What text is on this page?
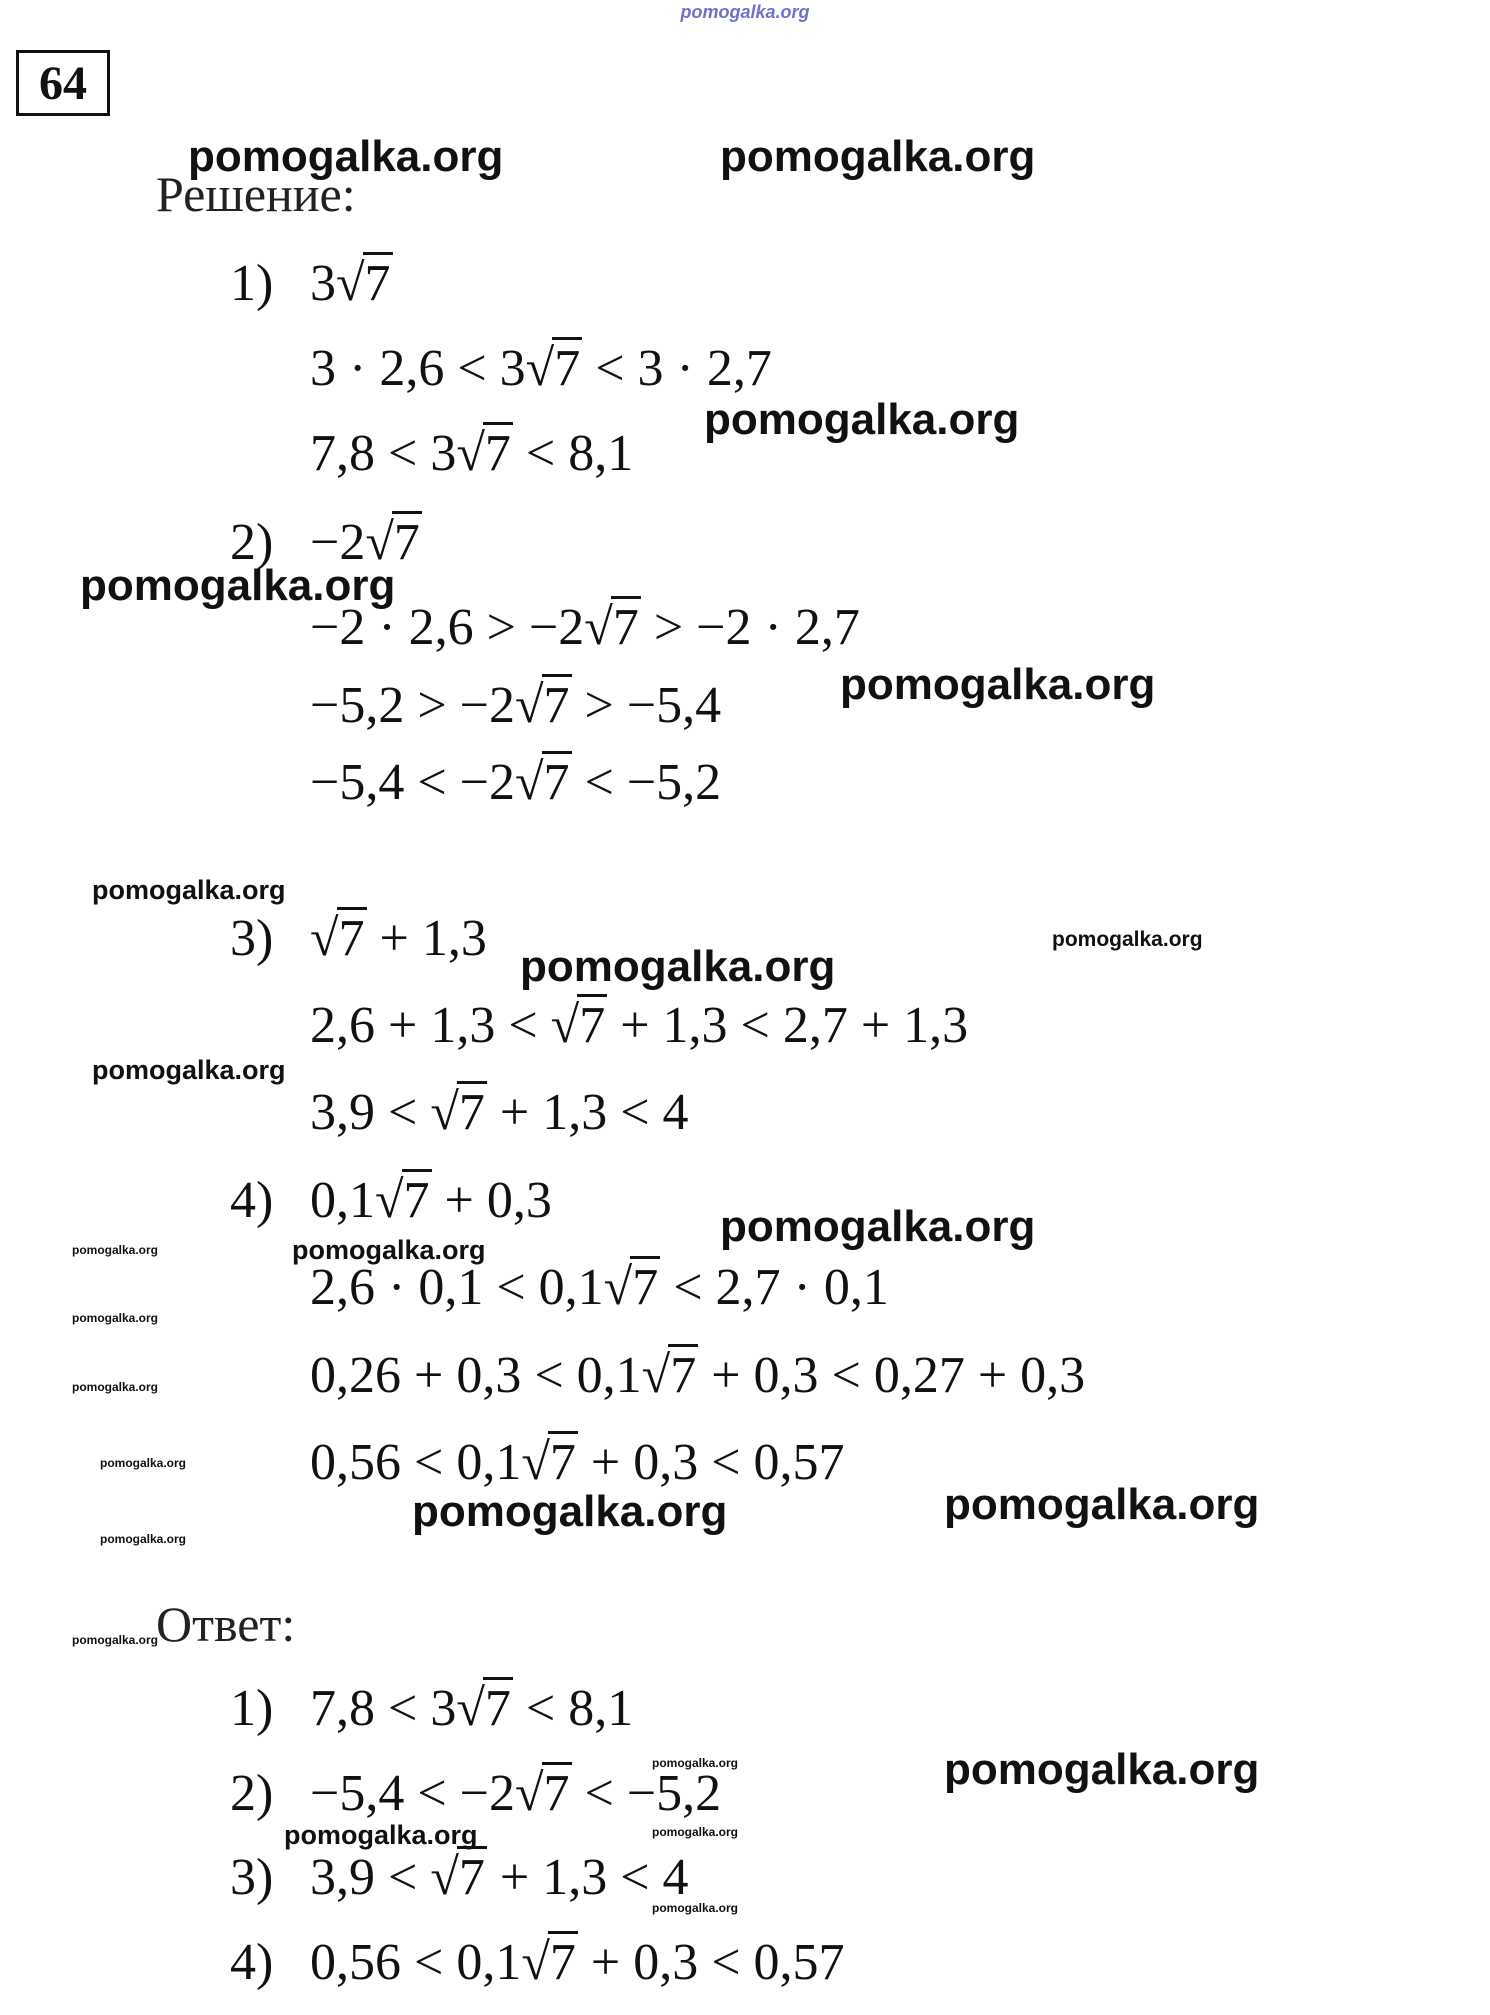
pomogalka.org
64
Решение:
1) 3√7
3 · 2,6 < 3√7 < 3 · 2,7
7,8 < 3√7 < 8,1
2) −2√7
−2 · 2,6 > −2√7 > −2 · 2,7
−5,2 > −2√7 > −5,4
−5,4 < −2√7 < −5,2
3) √7 + 1,3
2,6 + 1,3 < √7 + 1,3 < 2,7 + 1,3
3,9 < √7 + 1,3 < 4
4) 0,1√7 + 0,3
2,6 · 0,1 < 0,1√7 < 2,7 · 0,1
0,26 + 0,3 < 0,1√7 + 0,3 < 0,27 + 0,3
0,56 < 0,1√7 + 0,3 < 0,57
Ответ:
1) 7,8 < 3√7 < 8,1
2) −5,4 < −2√7 < −5,2
3) 3,9 < √7 + 1,3 < 4
4) 0,56 < 0,1√7 + 0,3 < 0,57
pomogalka.org	pomogalka.org
pomogalka.org
pomogalka.org
pomogalka.org
pomogalka.org
pomogalka.org
pomogalka.org	pomogalka.org
pomogalka.org
pomogalka.org
pomogalka.org
pomogalka.org
pomogalka.org
pomogalka.org
pomogalka.org
pomogalka.org
pomogalka.org
pomogalka.org
pomogalka.org
pomogalka.org
pomogalka.org
pomogalka.org
pomogalka.org
